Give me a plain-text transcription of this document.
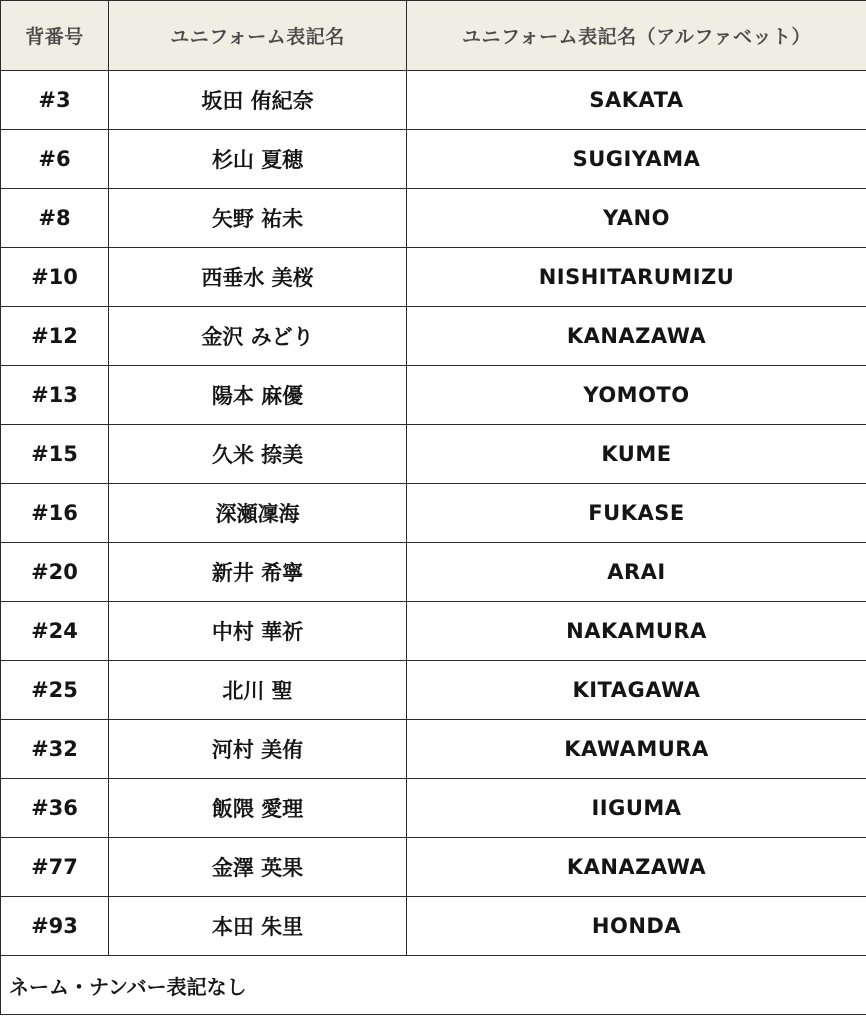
背番号	ユニフォーム表記名	ユニフォーム表記名（アルファベット）
#3	坂田 侑紀奈	SAKATA
#6	杉山 夏穂	SUGIYAMA
#8	矢野 祐未	YANO
#10	西垂水 美桜	NISHITARUMIZU
#12	金沢 みどり	KANAZAWA
#13	陽本 麻優	YOMOTO
#15	久米 捺美	KUME
#16	深瀬凜海	FUKASE
#20	新井 希寧	ARAI
#24	中村 華祈	NAKAMURA
#25	北川 聖	KITAGAWA
#32	河村 美侑	KAWAMURA
#36	飯隈 愛理	IIGUMA
#77	金澤 英果	KANAZAWA
#93	本田 朱里	HONDA
ネーム・ナンバー表記なし		
